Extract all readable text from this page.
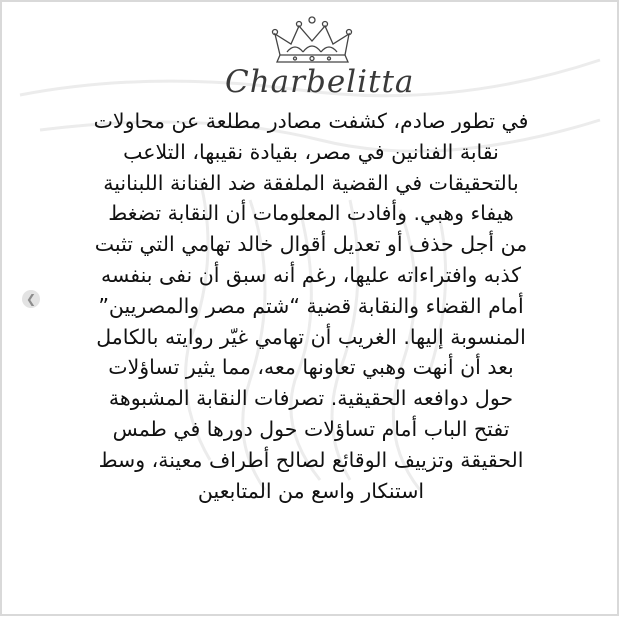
Charbelitta
❮
في تطور صادم، كشفت مصادر مطلعة عن محاولات
نقابة الفنانين في مصر، بقيادة نقيبها، التلاعب
بالتحقيقات في القضية الملفقة ضد الفنانة اللبنانية
هيفاء وهبي. وأفادت المعلومات أن النقابة تضغط
من أجل حذف أو تعديل أقوال خالد تهامي التي تثبت
كذبه وافتراءاته عليها، رغم أنه سبق أن نفى بنفسه
أمام القضاء والنقابة قضية “شتم مصر والمصريين”
المنسوبة إليها. الغريب أن تهامي غيّر روايته بالكامل
بعد أن أنهت وهبي تعاونها معه، مما يثير تساؤلات
حول دوافعه الحقيقية. تصرفات النقابة المشبوهة
تفتح الباب أمام تساؤلات حول دورها في طمس
الحقيقة وتزييف الوقائع لصالح أطراف معينة، وسط
استنكار واسع من المتابعين
